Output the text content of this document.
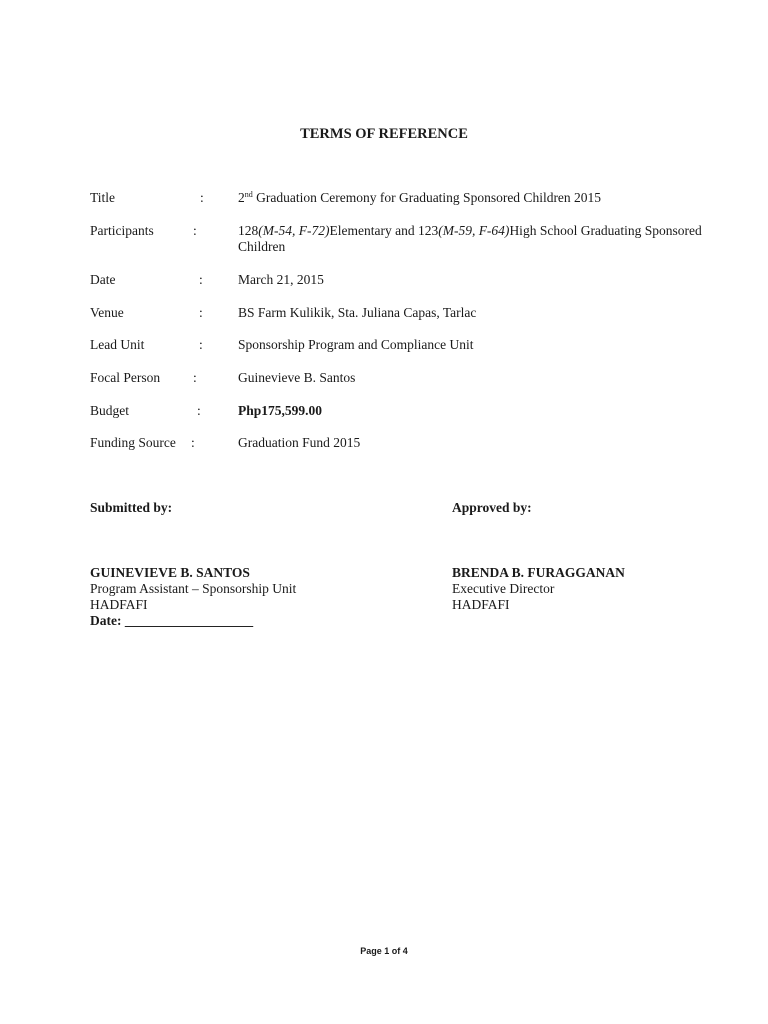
TERMS OF REFERENCE
Title	:	2nd Graduation Ceremony for Graduating Sponsored Children 2015
Participants	:	128(M-54, F-72)Elementary and 123(M-59, F-64)High School Graduating Sponsored Children
Date	:	March 21, 2015
Venue	:	BS Farm Kulikik, Sta. Juliana Capas, Tarlac
Lead Unit	:	Sponsorship Program and Compliance Unit
Focal Person	:	Guinevieve B. Santos
Budget	:	Php175,599.00
Funding Source	:	Graduation Fund 2015
Submitted by:
GUINEVIEVE B. SANTOS
Program Assistant – Sponsorship Unit
HADFAFI
Date: ___________________
Approved by:
BRENDA B. FURAGGANAN
Executive Director
HADFAFI
Page 1 of 4
